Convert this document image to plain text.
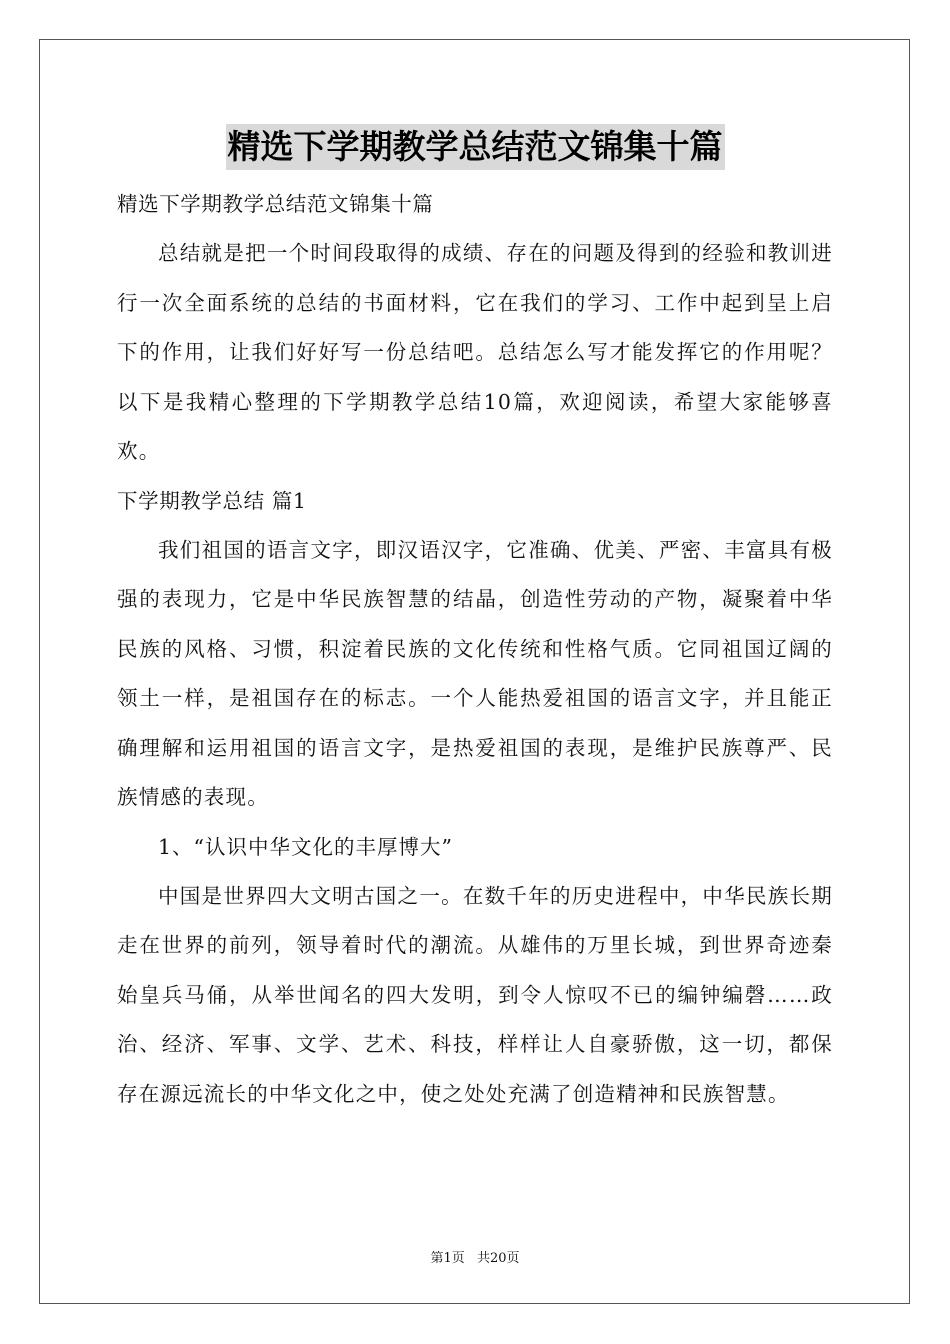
精选下学期教学总结范文锦集十篇

精选下学期教学总结范文锦集十篇

总结就是把一个时间段取得的成绩、存在的问题及得到的经验和教训进行一次全面系统的总结的书面材料，它在我们的学习、工作中起到呈上启下的作用，让我们好好写一份总结吧。总结怎么写才能发挥它的作用呢？以下是我精心整理的下学期教学总结10篇，欢迎阅读，希望大家能够喜欢。

下学期教学总结 篇1

我们祖国的语言文字，即汉语汉字，它准确、优美、严密、丰富具有极强的表现力，它是中华民族智慧的结晶，创造性劳动的产物，凝聚着中华民族的风格、习惯，积淀着民族的文化传统和性格气质。它同祖国辽阔的领土一样，是祖国存在的标志。一个人能热爱祖国的语言文字，并且能正确理解和运用祖国的语言文字，是热爱祖国的表现，是维护民族尊严、民族情感的表现。

1、“认识中华文化的丰厚博大”

中国是世界四大文明古国之一。在数千年的历史进程中，中华民族长期走在世界的前列，领导着时代的潮流。从雄伟的万里长城，到世界奇迹秦始皇兵马俑，从举世闻名的四大发明，到令人惊叹不已的编钟编磬……政治、经济、军事、文学、艺术、科技，样样让人自豪骄傲，这一切，都保存在源远流长的中华文化之中，使之处处充满了创造精神和民族智慧。

第1页 共20页
